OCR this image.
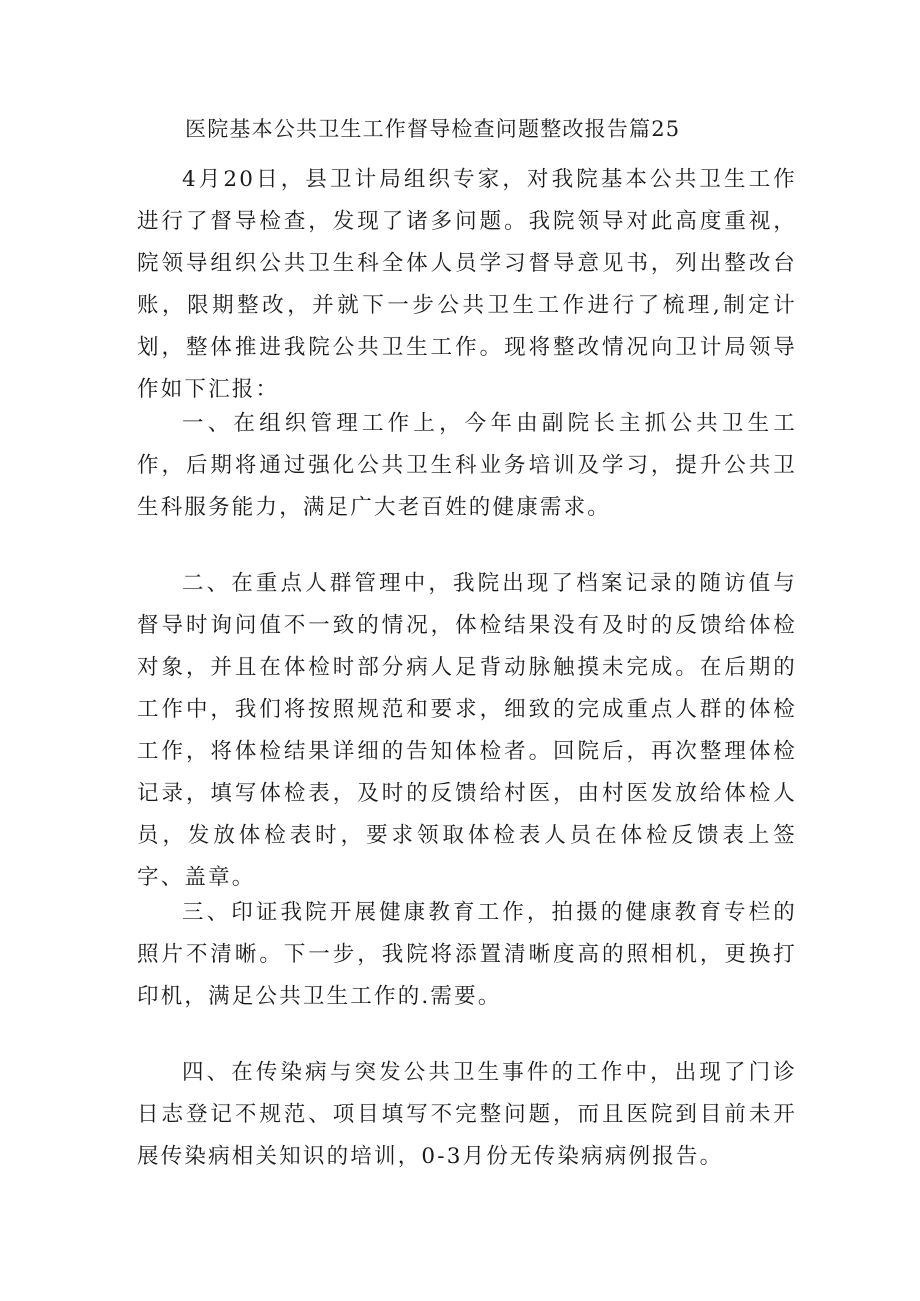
医院基本公共卫生工作督导检查问题整改报告篇25

4月20日，县卫计局组织专家，对我院基本公共卫生工作进行了督导检查，发现了诸多问题。我院领导对此高度重视，院领导组织公共卫生科全体人员学习督导意见书，列出整改台账，限期整改，并就下一步公共卫生工作进行了梳理,制定计划，整体推进我院公共卫生工作。现将整改情况向卫计局领导作如下汇报：

一、在组织管理工作上，今年由副院长主抓公共卫生工作，后期将通过强化公共卫生科业务培训及学习，提升公共卫生科服务能力，满足广大老百姓的健康需求。

二、在重点人群管理中，我院出现了档案记录的随访值与督导时询问值不一致的情况，体检结果没有及时的反馈给体检对象，并且在体检时部分病人足背动脉触摸未完成。在后期的工作中，我们将按照规范和要求，细致的完成重点人群的体检工作，将体检结果详细的告知体检者。回院后，再次整理体检记录，填写体检表，及时的反馈给村医，由村医发放给体检人员，发放体检表时，要求领取体检表人员在体检反馈表上签字、盖章。

三、印证我院开展健康教育工作，拍摄的健康教育专栏的照片不清晰。下一步，我院将添置清晰度高的照相机，更换打印机，满足公共卫生工作的.需要。

四、在传染病与突发公共卫生事件的工作中，出现了门诊日志登记不规范、项目填写不完整问题，而且医院到目前未开展传染病相关知识的培训，0-3月份无传染病病例报告。
